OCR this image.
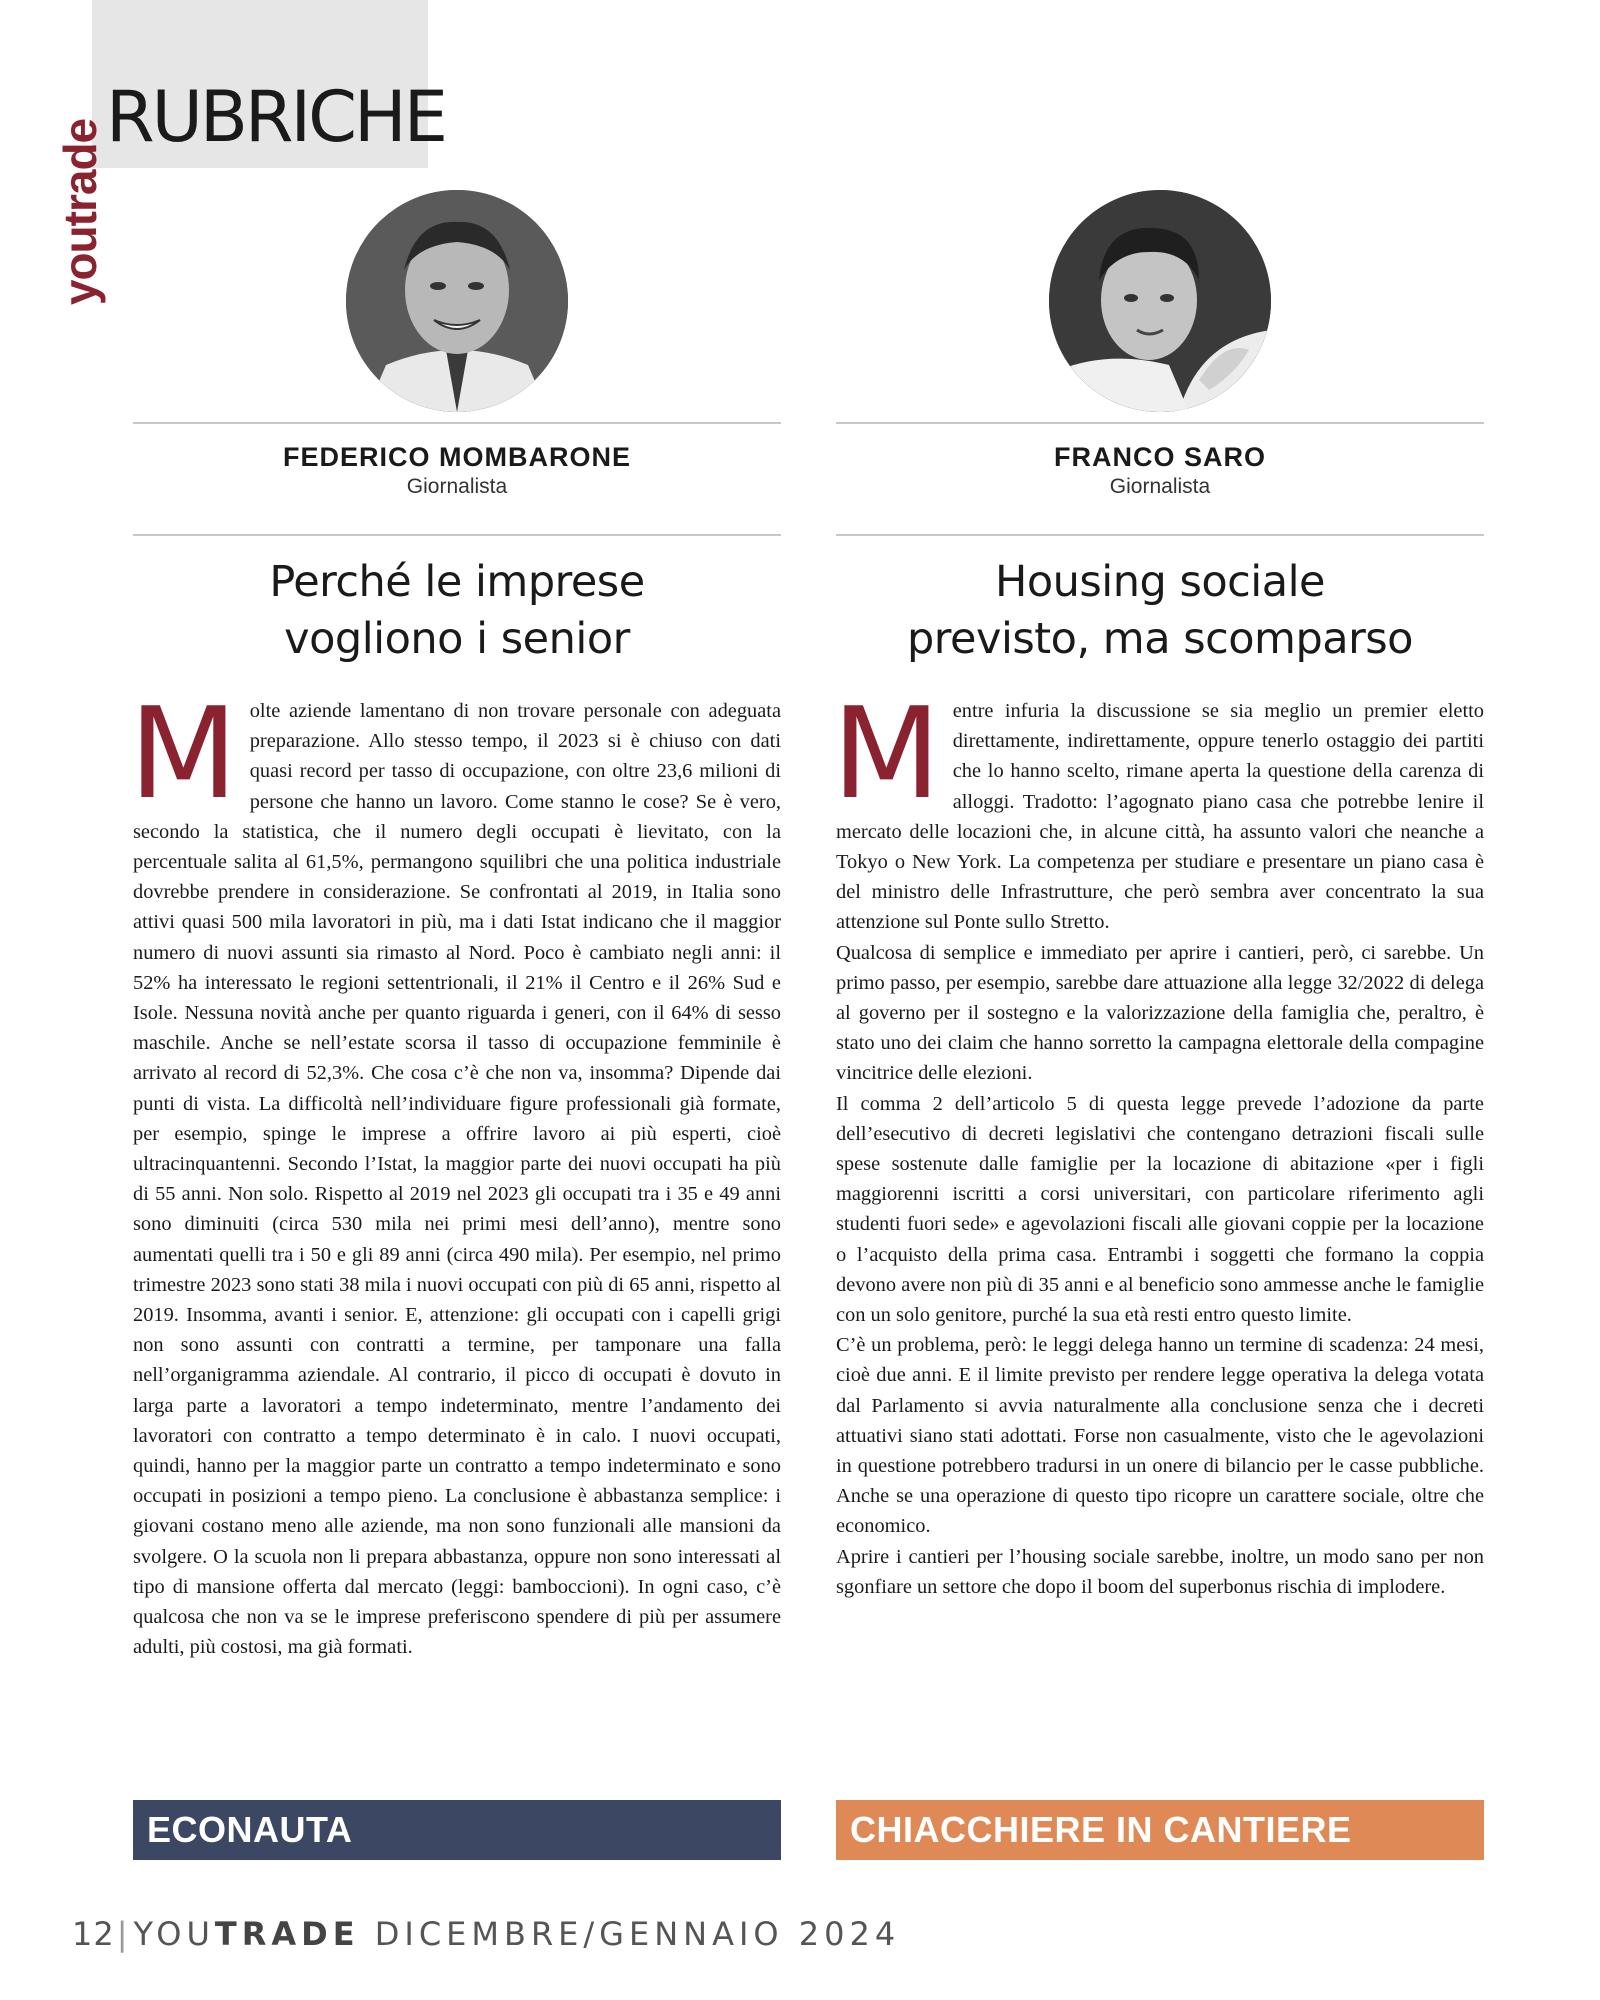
youtrade
RUBRICHE
FEDERICO MOMBARONE
Giornalista
Perché le imprese
vogliono i senior
M olte aziende lamentano di non trovare personale con adeguata preparazione. Allo stesso tempo, il 2023 si è chiuso con dati quasi record per tasso di occupazione, con oltre 23,6 milioni di persone che hanno un lavoro. Come stanno le cose? Se è vero, secondo la statistica, che il numero degli occupati è lievitato, con la percentuale salita al 61,5%, permangono squilibri che una politica industriale dovrebbe prendere in considerazione. Se confrontati al 2019, in Italia sono attivi quasi 500 mila lavoratori in più, ma i dati Istat indicano che il maggior numero di nuovi assunti sia rimasto al Nord. Poco è cambiato negli anni: il 52% ha interessato le regioni settentrionali, il 21% il Centro e il 26% Sud e Isole. Nessuna novità anche per quanto riguarda i generi, con il 64% di sesso maschile. Anche se nell’estate scorsa il tasso di occupazione femminile è arrivato al record di 52,3%. Che cosa c’è che non va, insomma? Dipende dai punti di vista. La difficoltà nell’individuare figure professionali già formate, per esempio, spinge le imprese a offrire lavoro ai più esperti, cioè ultracinquantenni. Secondo l’Istat, la maggior parte dei nuovi occupati ha più di 55 anni. Non solo. Rispetto al 2019 nel 2023 gli occupati tra i 35 e 49 anni sono diminuiti (circa 530 mila nei primi mesi dell’anno), mentre sono aumentati quelli tra i 50 e gli 89 anni (circa 490 mila). Per esempio, nel primo trimestre 2023 sono stati 38 mila i nuovi occupati con più di 65 anni, rispetto al 2019. Insomma, avanti i senior. E, attenzione: gli occupati con i capelli grigi non sono assunti con contratti a termine, per tamponare una falla nell’organigramma aziendale. Al contrario, il picco di occupati è dovuto in larga parte a lavoratori a tempo indeterminato, mentre l’andamento dei lavoratori con contratto a tempo determinato è in calo. I nuovi occupati, quindi, hanno per la maggior parte un contratto a tempo indeterminato e sono occupati in posizioni a tempo pieno. La conclusione è abbastanza semplice: i giovani costano meno alle aziende, ma non sono funzionali alle mansioni da svolgere. O la scuola non li prepara abbastanza, oppure non sono interessati al tipo di mansione offerta dal mercato (leggi: bamboccioni). In ogni caso, c’è qualcosa che non va se le imprese preferiscono spendere di più per assumere adulti, più costosi, ma già formati.

FRANCO SARO
Giornalista
Housing sociale
previsto, ma scomparso
M entre infuria la discussione se sia meglio un premier eletto direttamente, indirettamente, oppure tenerlo ostaggio dei partiti che lo hanno scelto, rimane aperta la questione della carenza di alloggi. Tradotto: l’agognato piano casa che potrebbe lenire il mercato delle locazioni che, in alcune città, ha assunto valori che neanche a Tokyo o New York. La competenza per studiare e presentare un piano casa è del ministro delle Infrastrutture, che però sembra aver concentrato la sua attenzione sul Ponte sullo Stretto.

Qualcosa di semplice e immediato per aprire i cantieri, però, ci sarebbe. Un primo passo, per esempio, sarebbe dare attuazione alla legge 32/2022 di delega al governo per il sostegno e la valorizzazione della famiglia che, peraltro, è stato uno dei claim che hanno sorretto la campagna elettorale della compagine vincitrice delle elezioni.

Il comma 2 dell’articolo 5 di questa legge prevede l’adozione da parte dell’esecutivo di decreti legislativi che contengano detrazioni fiscali sulle spese sostenute dalle famiglie per la locazione di abitazione «per i figli maggiorenni iscritti a corsi universitari, con particolare riferimento agli studenti fuori sede» e agevolazioni fiscali alle giovani coppie per la locazione o l’acquisto della prima casa. Entrambi i soggetti che formano la coppia devono avere non più di 35 anni e al beneficio sono ammesse anche le famiglie con un solo genitore, purché la sua età resti entro questo limite.

C’è un problema, però: le leggi delega hanno un termine di scadenza: 24 mesi, cioè due anni. E il limite previsto per rendere legge operativa la delega votata dal Parlamento si avvia naturalmente alla conclusione senza che i decreti attuativi siano stati adottati. Forse non casualmente, visto che le agevolazioni in questione potrebbero tradursi in un onere di bilancio per le casse pubbliche. Anche se una operazione di questo tipo ricopre un carattere sociale, oltre che economico.

Aprire i cantieri per l’housing sociale sarebbe, inoltre, un modo sano per non sgonfiare un settore che dopo il boom del superbonus rischia di implodere.

ECONAUTA	CHIACCHIERE IN CANTIERE
12| YOUTRADE DICEMBRE/GENNAIO 2024
